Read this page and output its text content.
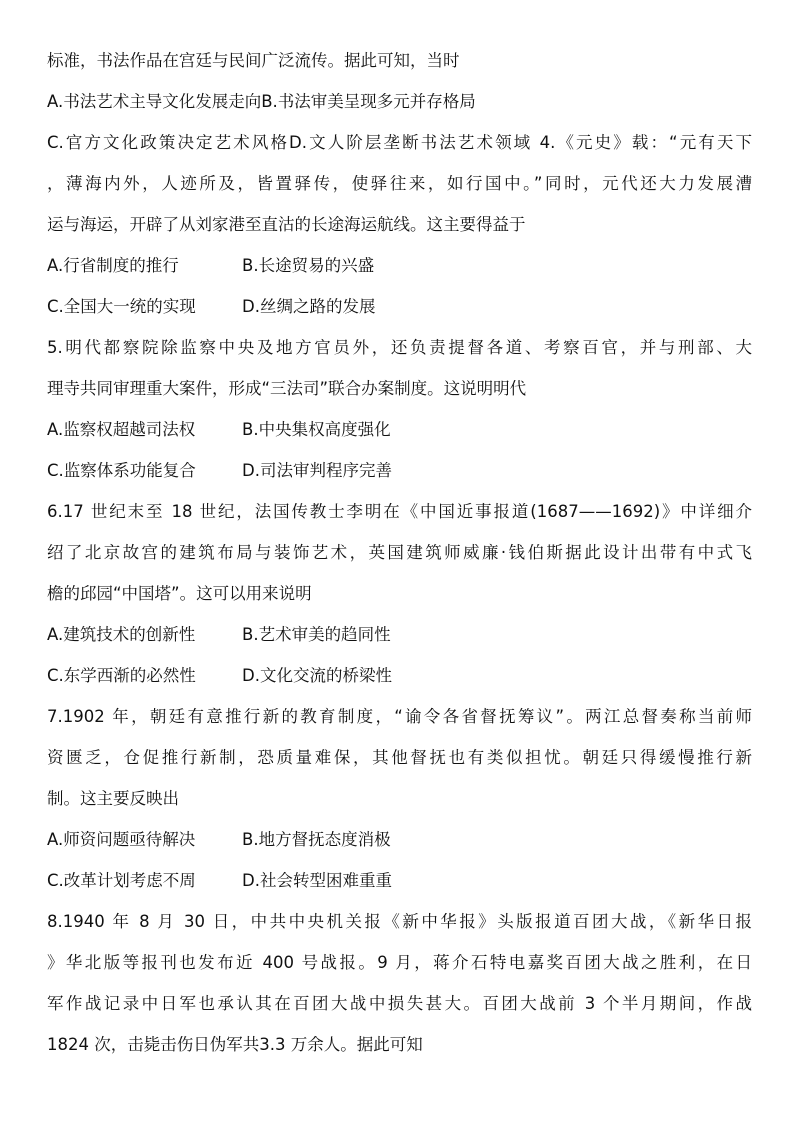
标准，书法作品在宫廷与民间广泛流传。据此可知，当时

A.书法艺术主导文化发展走向B.书法审美呈现多元并存格局

C.官方文化政策决定艺术风格D.文人阶层垄断书法艺术领域 4.《元史》载：“元有天下

，薄海内外，人迹所及，皆置驿传，使驿往来，如行国中。”同时，元代还大力发展漕

运与海运，开辟了从刘家港至直沽的长途海运航线。这主要得益于

A.行省制度的推行	B.长途贸易的兴盛

C.全国大一统的实现	D.丝绸之路的发展

5.明代都察院除监察中央及地方官员外，还负责提督各道、考察百官，并与刑部、大

理寺共同审理重大案件，形成“三法司”联合办案制度。这说明明代

A.监察权超越司法权	B.中央集权高度强化

C.监察体系功能复合	D.司法审判程序完善

6.17 世纪末至 18 世纪，法国传教士李明在《中国近事报道(1687——1692)》中详细介

绍了北京故宫的建筑布局与装饰艺术，英国建筑师威廉·钱伯斯据此设计出带有中式飞

檐的邱园“中国塔”。这可以用来说明

A.建筑技术的创新性	B.艺术审美的趋同性

C.东学西渐的必然性	D.文化交流的桥梁性

7.1902 年，朝廷有意推行新的教育制度，“谕令各省督抚筹议”。两江总督奏称当前师

资匮乏，仓促推行新制，恐质量难保，其他督抚也有类似担忧。朝廷只得缓慢推行新

制。这主要反映出

A.师资问题亟待解决	B.地方督抚态度消极

C.改革计划考虑不周	D.社会转型困难重重

8.1940 年 8 月 30 日，中共中央机关报《新中华报》头版报道百团大战，《新华日报

》华北版等报刊也发布近 400 号战报。9 月，蒋介石特电嘉奖百团大战之胜利，在日

军作战记录中日军也承认其在百团大战中损失甚大。百团大战前 3 个半月期间，作战

1824 次，击毙击伤日伪军共3.3 万余人。据此可知
